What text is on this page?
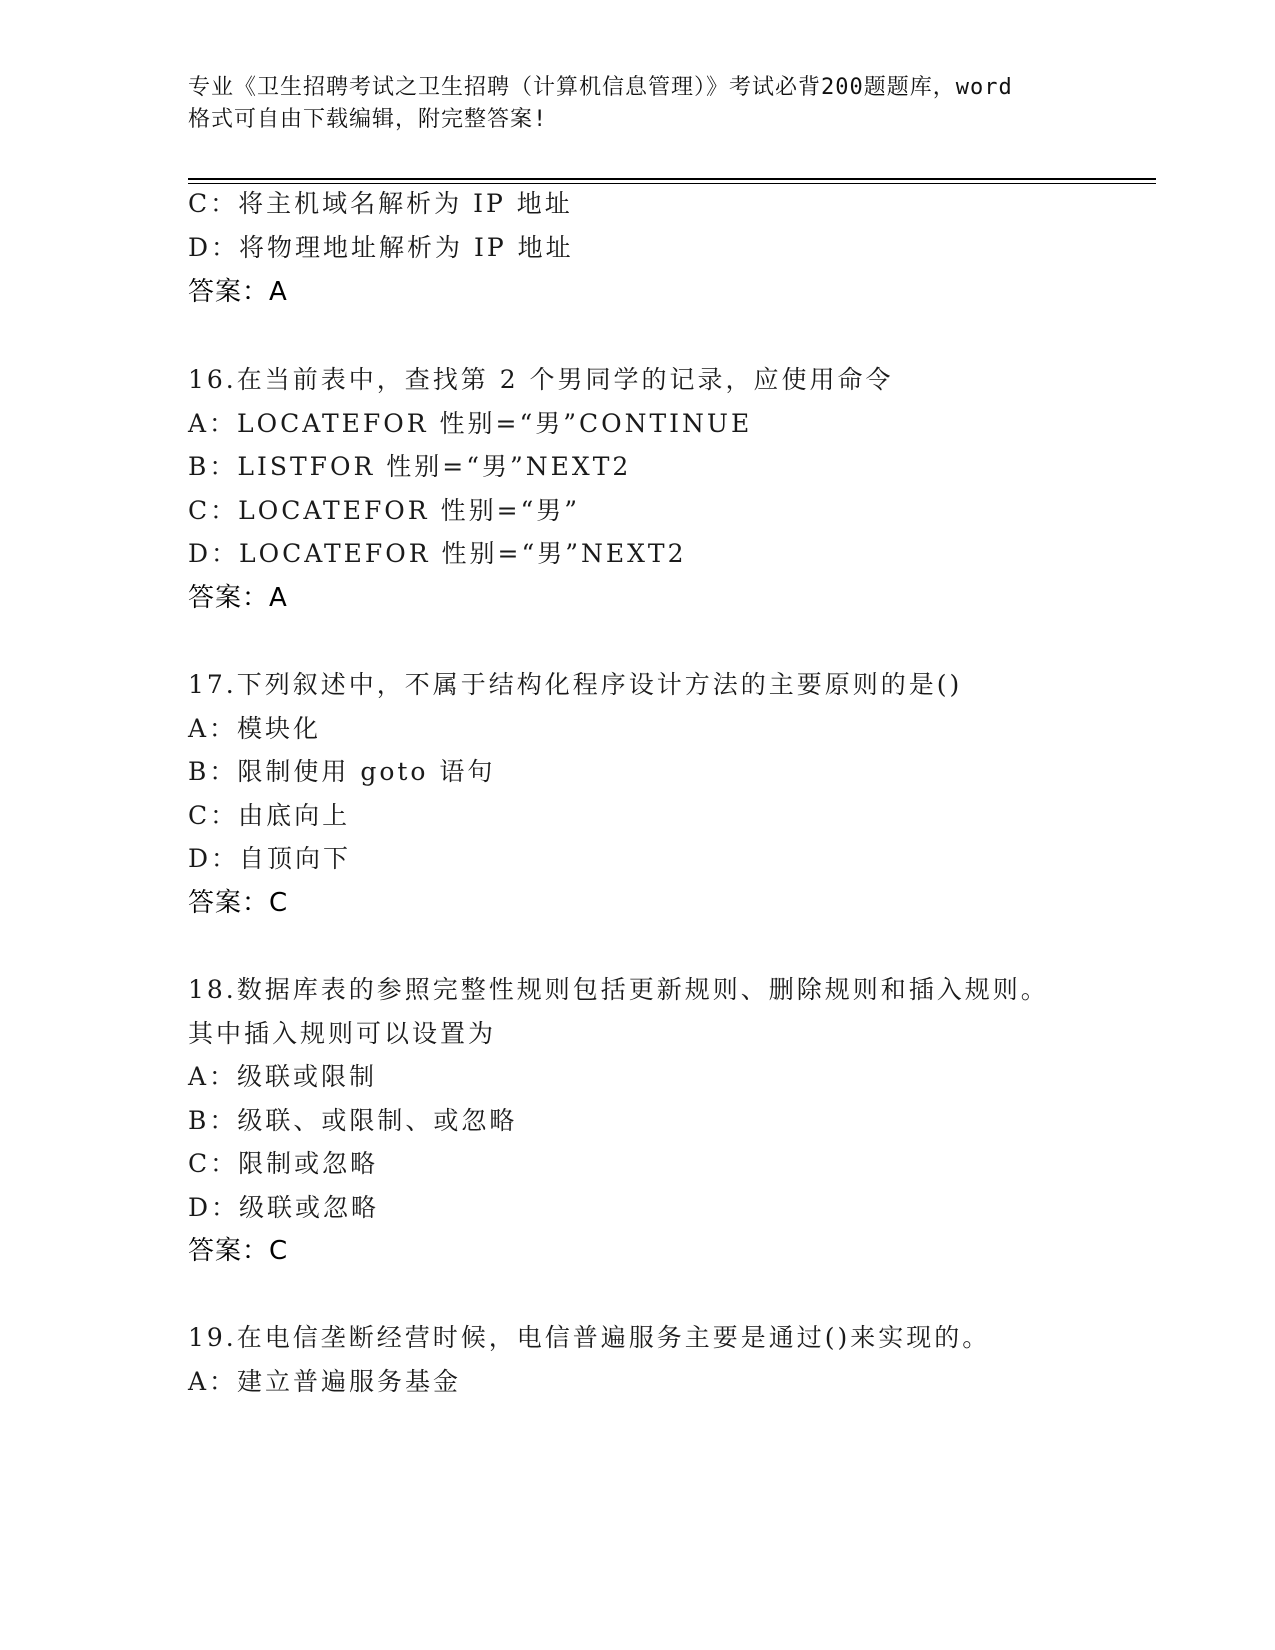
专业《卫生招聘考试之卫生招聘（计算机信息管理）》考试必背200题题库，word
格式可自由下载编辑，附完整答案!
C：将主机域名解析为 IP 地址
D：将物理地址解析为 IP 地址
答案：A
16.在当前表中，查找第 2 个男同学的记录，应使用命令
A：LOCATEFOR 性别=“男”CONTINUE
B：LISTFOR 性别=“男”NEXT2
C：LOCATEFOR 性别=“男”
D：LOCATEFOR 性别=“男”NEXT2
答案：A
17.下列叙述中，不属于结构化程序设计方法的主要原则的是()
A：模块化
B：限制使用 goto 语句
C：由底向上
D：自顶向下
答案：C
18.数据库表的参照完整性规则包括更新规则、删除规则和插入规则。
其中插入规则可以设置为
A：级联或限制
B：级联、或限制、或忽略
C：限制或忽略
D：级联或忽略
答案：C
19.在电信垄断经营时候，电信普遍服务主要是通过()来实现的。
A：建立普遍服务基金
